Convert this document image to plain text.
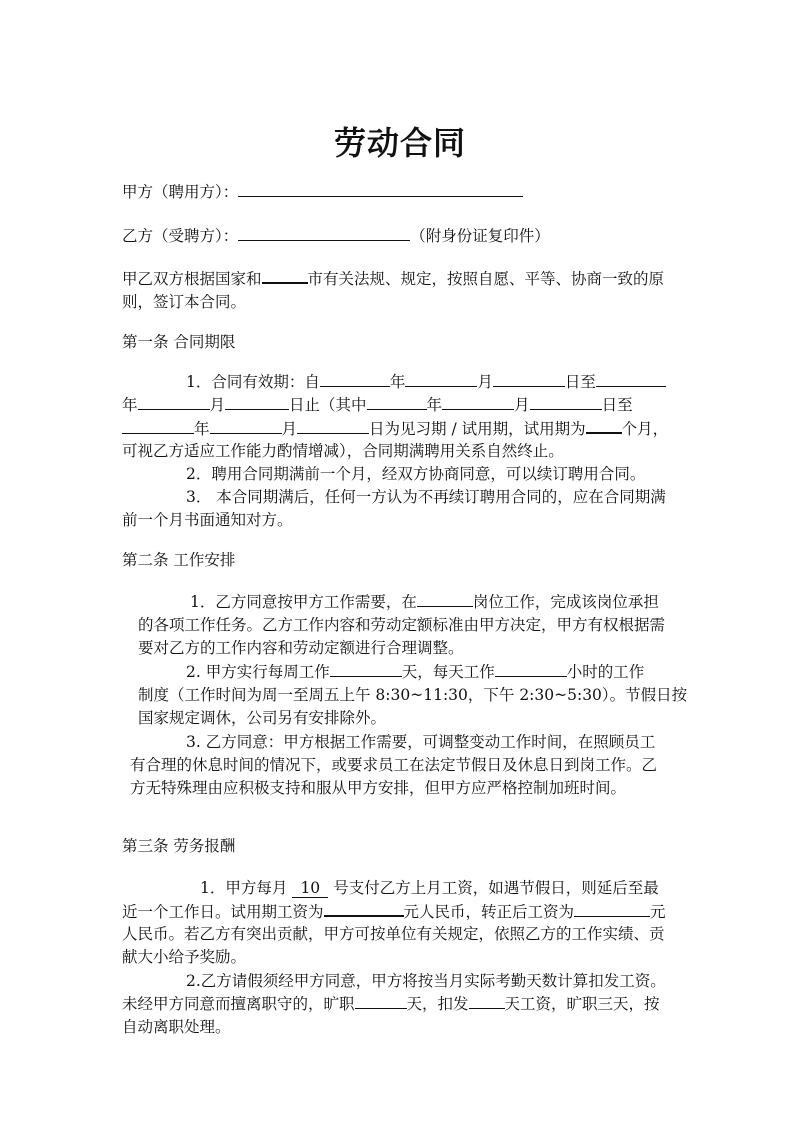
劳动合同
甲方（聘用方）：
乙方（受聘方）：	（附身份证复印件）
甲乙双方根据国家和	市有关法规、规定，按照自愿、平等、协商一致的原
则，签订本合同。
第一条 合同期限
1．合同有效期：自	年	月	日至
年	月	日止（其中	年	月	日至
年	月	日为见习期 / 试用期，试用期为 个月，
可视乙方适应工作能力酌情增减），合同期满聘用关系自然终止。
2．聘用合同期满前一个月，经双方协商同意，可以续订聘用合同。
3． 本合同期满后，任何一方认为不再续订聘用合同的，应在合同期满
前一个月书面通知对方。
第二条 工作安排
1．乙方同意按甲方工作需要，在	岗位工作，完成该岗位承担
的各项工作任务。乙方工作内容和劳动定额标准由甲方决定，甲方有权根据需
要对乙方的工作内容和劳动定额进行合理调整。
2. 甲方实行每周工作	天，每天工作	小时的工作
制度（工作时间为周一至周五上午 8:30~11:30，下午 2:30~5:30）。节假日按
国家规定调休，公司另有安排除外。
3. 乙方同意：甲方根据工作需要，可调整变动工作时间，在照顾员工
有合理的休息时间的情况下，或要求员工在法定节假日及休息日到岗工作。乙
方无特殊理由应积极支持和服从甲方安排，但甲方应严格控制加班时间。
第三条 劳务报酬
1．甲方每月 10 号支付乙方上月工资，如遇节假日，则延后至最
近一个工作日。试用期工资为	元人民币，转正后工资为	元
人民币。若乙方有突出贡献，甲方可按单位有关规定，依照乙方的工作实绩、贡
献大小给予奖励。
2.乙方请假须经甲方同意，甲方将按当月实际考勤天数计算扣发工资。
未经甲方同意而擅离职守的，旷职	天，扣发 天工资，旷职三天，按
自动离职处理。
